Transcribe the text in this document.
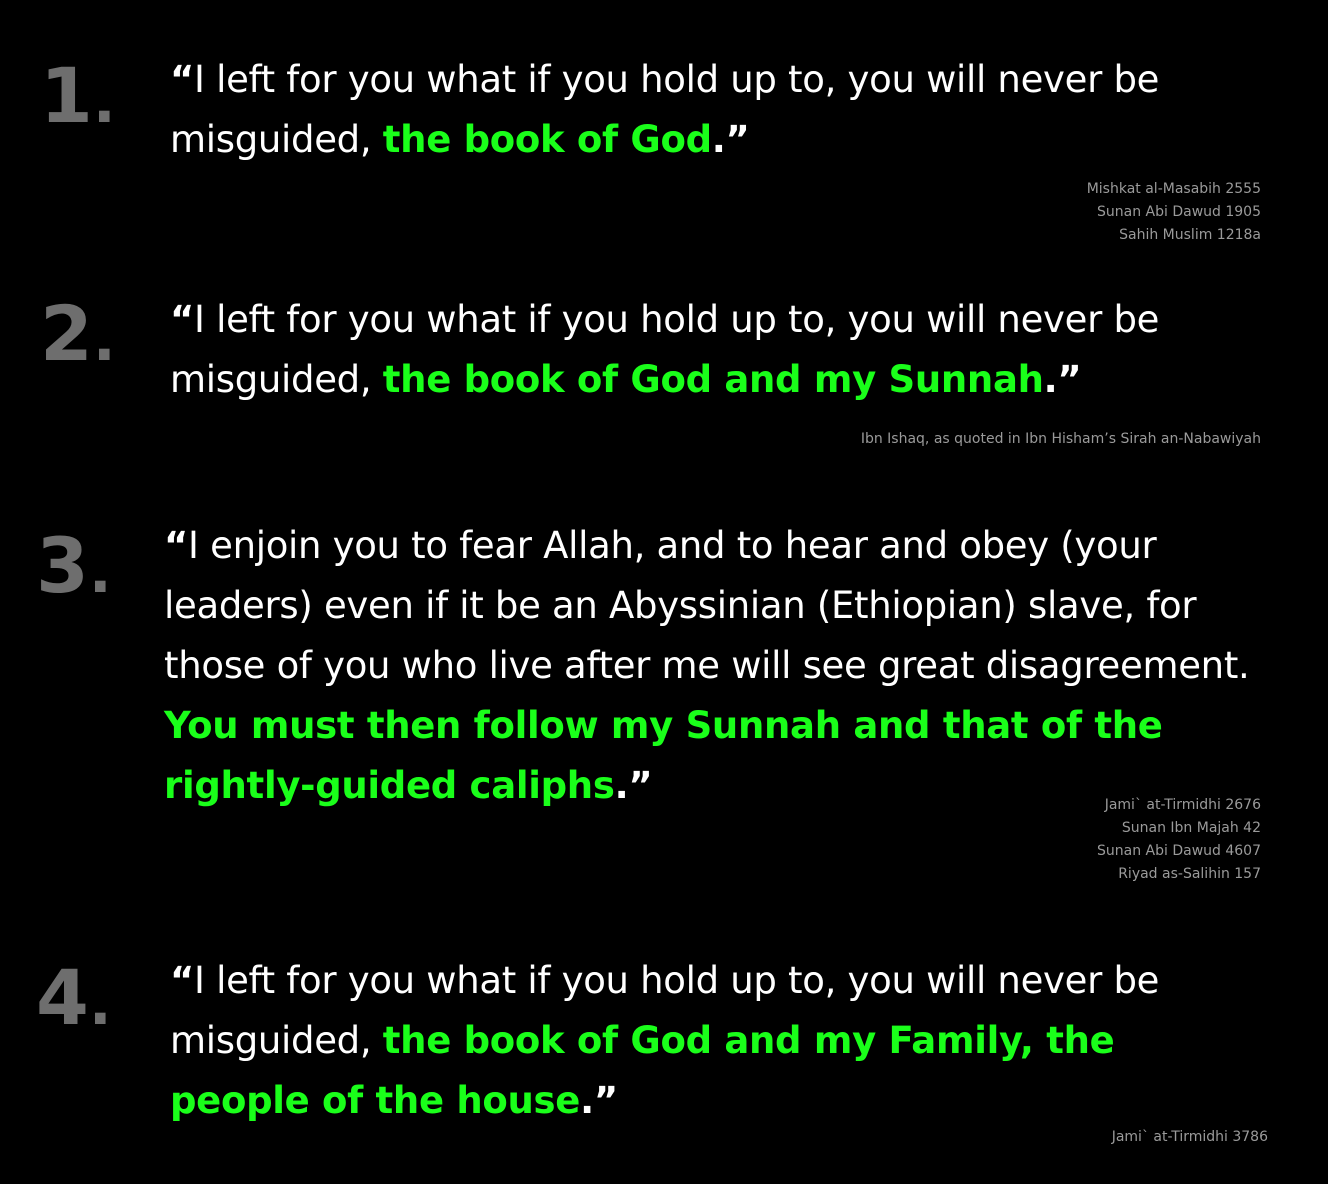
1. “I left for you what if you hold up to, you will never be misguided, the book of God.”

Mishkat al-Masabih 2555
Sunan Abi Dawud 1905
Sahih Muslim 1218a
2. “I left for you what if you hold up to, you will never be misguided, the book of God and my Sunnah.”

Ibn Ishaq, as quoted in Ibn Hisham’s Sirah an-Nabawiyah
3. “I enjoin you to fear Allah, and to hear and obey (your leaders) even if it be an Abyssinian (Ethiopian) slave, for those of you who live after me will see great disagreement. You must then follow my Sunnah and that of the rightly-guided caliphs.”	Jami` at-Tirmidhi 2676
Sunan Ibn Majah 42
Sunan Abi Dawud 4607
Riyad as-Salihin 157
4. “I left for you what if you hold up to, you will never be misguided, the book of God and my Family, the people of the house.”

Jami` at-Tirmidhi 3786
